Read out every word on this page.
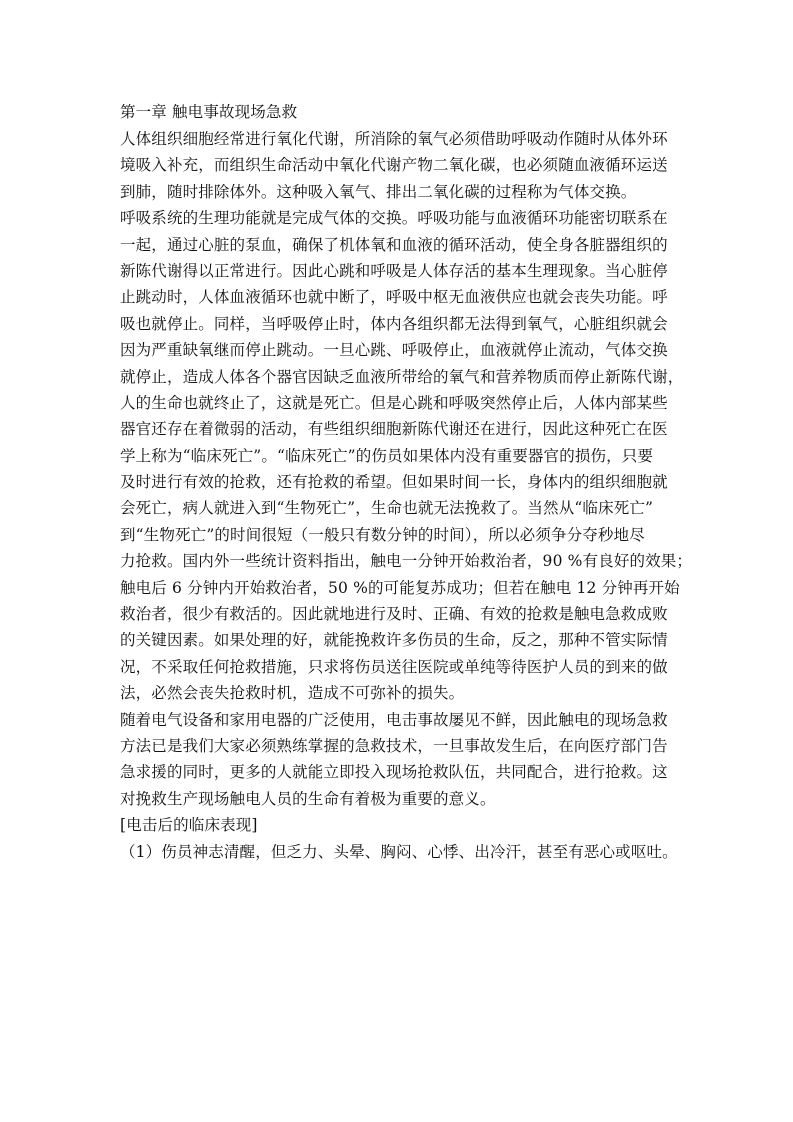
第一章 触电事故现场急救
人体组织细胞经常进行氧化代谢，所消除的氧气必须借助呼吸动作随时从体外环
境吸入补充，而组织生命活动中氧化代谢产物二氧化碳，也必须随血液循环运送
到肺，随时排除体外。这种吸入氧气、排出二氧化碳的过程称为气体交换。
呼吸系统的生理功能就是完成气体的交换。呼吸功能与血液循环功能密切联系在
一起，通过心脏的泵血，确保了机体氧和血液的循环活动，使全身各脏器组织的
新陈代谢得以正常进行。因此心跳和呼吸是人体存活的基本生理现象。当心脏停
止跳动时，人体血液循环也就中断了，呼吸中枢无血液供应也就会丧失功能。呼
吸也就停止。同样，当呼吸停止时，体内各组织都无法得到氧气，心脏组织就会
因为严重缺氧继而停止跳动。一旦心跳、呼吸停止，血液就停止流动，气体交换
就停止，造成人体各个器官因缺乏血液所带给的氧气和营养物质而停止新陈代谢，
人的生命也就终止了，这就是死亡。但是心跳和呼吸突然停止后，人体内部某些
器官还存在着微弱的活动，有些组织细胞新陈代谢还在进行，因此这种死亡在医
学上称为“临床死亡”。“临床死亡”的伤员如果体内没有重要器官的损伤，只要
及时进行有效的抢救，还有抢救的希望。但如果时间一长，身体内的组织细胞就
会死亡，病人就进入到“生物死亡”，生命也就无法挽救了。当然从“临床死亡”
到“生物死亡”的时间很短（一般只有数分钟的时间），所以必须争分夺秒地尽
力抢救。国内外一些统计资料指出，触电一分钟开始救治者，90 %有良好的效果；
触电后 6 分钟内开始救治者，50 %的可能复苏成功；但若在触电 12 分钟再开始
救治者，很少有救活的。因此就地进行及时、正确、有效的抢救是触电急救成败
的关键因素。如果处理的好，就能挽救许多伤员的生命，反之，那种不管实际情
况，不采取任何抢救措施，只求将伤员送往医院或单纯等待医护人员的到来的做
法，必然会丧失抢救时机，造成不可弥补的损失。
随着电气设备和家用电器的广泛使用，电击事故屡见不鲜，因此触电的现场急救
方法已是我们大家必须熟练掌握的急救技术，一旦事故发生后，在向医疗部门告
急求援的同时，更多的人就能立即投入现场抢救队伍，共同配合，进行抢救。这
对挽救生产现场触电人员的生命有着极为重要的意义。
[电击后的临床表现]
（1）伤员神志清醒，但乏力、头晕、胸闷、心悸、出冷汗，甚至有恶心或呕吐。
